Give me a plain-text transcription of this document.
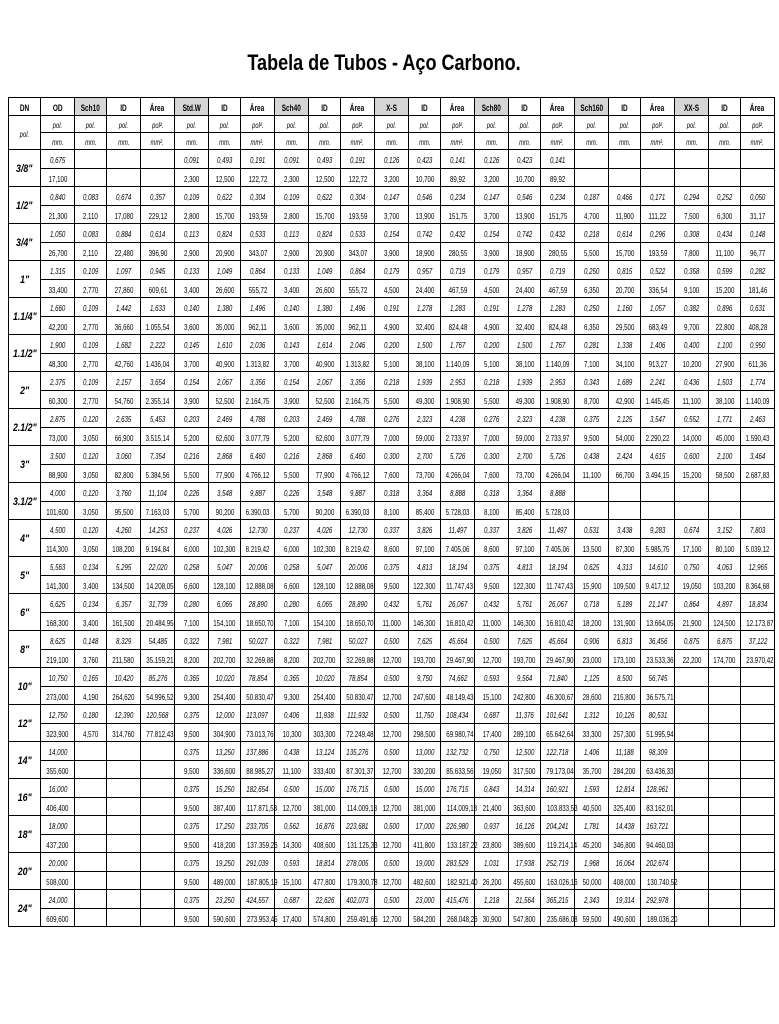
Tabela de Tubos - Aço Carbono.
DN	OD	Sch10	ID	Área	Std.W	ID	Área	Sch40	ID	Área	X-S	ID	Área	Sch80	ID	Área	Sch160	ID	Área	XX-S	ID	Área
pol.	pol.	pol.	pol.	pol².	pol.	pol.	pol².	pol.	pol.	pol².	pol.	pol.	pol².	pol.	pol.	pol².	pol.	pol.	pol².	pol.	pol.	pol².
	mm.	mm.	mm.	mm².	mm.	mm.	mm².	mm.	mm.	mm².	mm.	mm.	mm².	mm.	mm.	mm².	mm.	mm.	mm².	mm.	mm.	mm².
3/8"	0,675				0,091	0,493	0,191	0,091	0,493	0,191	0,126	0,423	0,141	0,126	0,423	0,141						
	17,100				2,300	12,500	122,72	2,300	12,500	122,72	3,200	10,700	89,92	3,200	10,700	89,92						
1/2"	0,840	0,083	0,674	0,357	0,109	0,622	0,304	0,109	0,622	0,304	0,147	0,546	0,234	0,147	0,546	0,234	0,187	0,466	0,171	0,294	0,252	0,050
	21,300	2,110	17,080	229,12	2,800	15,700	193,59	2,800	15,700	193,59	3,700	13,900	151,75	3,700	13,900	151,75	4,700	11,900	111,22	7,500	6,300	31,17
3/4"	1,050	0,083	0,884	0,614	0,113	0,824	0,533	0,113	0,824	0,533	0,154	0,742	0,432	0,154	0,742	0,432	0,218	0,614	0,296	0,308	0,434	0,148
	26,700	2,110	22,480	396,90	2,900	20,900	343,07	2,900	20,900	343,07	3,900	18,900	280,55	3,900	18,900	280,55	5,500	15,700	193,59	7,800	11,100	96,77
1"	1,315	0,109	1,097	0,945	0,133	1,049	0,864	0,133	1,049	0,864	0,179	0,957	0,719	0,179	0,957	0,719	0,250	0,815	0,522	0,358	0,599	0,282
	33,400	2,770	27,860	609,61	3,400	26,600	555,72	3,400	26,600	555,72	4,500	24,400	467,59	4,500	24,400	467,59	6,350	20,700	336,54	9,100	15,200	181,46
1.1/4"	1,660	0,109	1,442	1,633	0,140	1,380	1,496	0,140	1,380	1,496	0,191	1,278	1,283	0,191	1,278	1,283	0,250	1,160	1,057	0,382	0,896	0,631
	42,200	2,770	36,660	1.055,54	3,600	35,000	962,11	3,600	35,000	962,11	4,900	32,400	824,48	4,900	32,400	824,48	6,350	29,500	683,49	9,700	22,800	408,28
1.1/2"	1,900	0,109	1,682	2,222	0,145	1,610	2,036	0,143	1,614	2,046	0,200	1,500	1,767	0,200	1,500	1,767	0,281	1,338	1,406	0,400	1,100	0,950
	48,300	2,770	42,760	1.436,04	3,700	40,900	1.313,82	3,700	40,900	1.313,82	5,100	38,100	1.140,09	5,100	38,100	1.140,09	7,100	34,100	913,27	10,200	27,900	611,36
2"	2,375	0,109	2,157	3,654	0,154	2,067	3,356	0,154	2,067	3,356	0,218	1,939	2,953	0,218	1,939	2,953	0,343	1,689	2,241	0,436	1,503	1,774
	60,300	2,770	54,760	2.355,14	3,900	52,500	2.164,75	3,900	52,500	2.164,75	5,500	49,300	1.908,90	5,500	49,300	1.908,90	8,700	42,900	1.445,45	11,100	38,100	1.140,09
2.1/2"	2,875	0,120	2,635	5,453	0,203	2,469	4,788	0,203	2,469	4,788	0,276	2,323	4,238	0,276	2,323	4,238	0,375	2,125	3,547	0,552	1,771	2,463
	73,000	3,050	66,900	3.515,14	5,200	62,600	3.077,79	5,200	62,600	3.077,79	7,000	59,000	2.733,97	7,000	59,000	2.733,97	9,500	54,000	2.290,22	14,000	45,000	1.590,43
3"	3,500	0,120	3,060	7,354	0,216	2,868	6,460	0,216	2,868	6,460	0,300	2,700	5,726	0,300	2,700	5,726	0,438	2,424	4,615	0,600	2,100	3,464
	88,900	3,050	82,800	5.384,56	5,500	77,900	4.766,12	5,500	77,900	4.766,12	7,600	73,700	4.266,04	7,600	73,700	4.266,04	11,100	66,700	3.494,15	15,200	58,500	2.687,83
3.1/2"	4,000	0,120	3,760	11,104	0,226	3,548	9,887	0,226	3,548	9,887	0,318	3,364	8,888	0,318	3,364	8,888						
	101,600	3,050	95,500	7.163,03	5,700	90,200	6.390,03	5,700	90,200	6.390,03	8,100	85,400	5.728,03	8,100	85,400	5.728,03						
4"	4,500	0,120	4,260	14,253	0,237	4,026	12,730	0,237	4,026	12,730	0,337	3,826	11,497	0,337	3,826	11,497	0,531	3,438	9,283	0,674	3,152	7,803
	114,300	3,050	108,200	9.194,84	6,000	102,300	8.219,42	6,000	102,300	8.219,42	8,600	97,100	7.405,06	8,600	97,100	7.405,06	13,500	87,300	5.985,75	17,100	80,100	5.039,12
5"	5,563	0,134	5,295	22,020	0,258	5,047	20,006	0,258	5,047	20,006	0,375	4,813	18,194	0,375	4,813	18,194	0,625	4,313	14,610	0,750	4,063	12,965
	141,300	3,400	134,500	14.208,05	6,600	128,100	12.888,08	6,600	128,100	12.888,08	9,500	122,300	11.747,43	9,500	122,300	11.747,43	15,900	109,500	9.417,12	19,050	103,200	8.364,68
6"	6,625	0,134	6,357	31,739	0,280	6,065	28,890	0,280	6,065	28,890	0,432	5,761	26,067	0,432	5,761	26,067	0,718	5,189	21,147	0,864	4,897	18,834
	168,300	3,400	161,500	20.484,95	7,100	154,100	18.650,70	7,100	154,100	18.650,70	11,000	146,300	16.810,42	11,000	146,300	16.810,42	18,200	131,900	13.664,05	21,900	124,500	12.173,87
8"	8,625	0,148	8,329	54,485	0,322	7,981	50,027	0,322	7,981	50,027	0,500	7,625	45,664	0,500	7,625	45,664	0,906	6,813	36,456	0,875	6,875	37,122
	219,100	3,760	211,580	35.159,21	8,200	202,700	32.269,88	8,200	202,700	32.269,88	12,700	193,700	29.467,90	12,700	193,700	29.467,90	23,000	173,100	23.533,36	22,200	174,700	23.970,42
10"	10,750	0,165	10,420	85,276	0,365	10,020	78,854	0,365	10,020	78,854	0,500	9,750	74,662	0,593	9,564	71,840	1,125	8,500	56,745			
	273,000	4,190	264,620	54.996,52	9,300	254,400	50.830,47	9,300	254,400	50.830,47	12,700	247,600	48.149,43	15,100	242,800	46.300,67	28,600	215,800	36.575,71			
12"	12,750	0,180	12,390	120,568	0,375	12,000	113,097	0,406	11,938	111,932	0,500	11,750	108,434	0,687	11,376	101,641	1,312	10,126	80,531			
	323,900	4,570	314,760	77.812,43	9,500	304,900	73.013,76	10,300	303,300	72.249,48	12,700	298,500	69.980,74	17,400	289,100	65.642,64	33,300	257,300	51.995,94			
14"	14,000				0,375	13,250	137,886	0,438	13,124	135,276	0,500	13,000	132,732	0,750	12,500	122,718	1,406	11,188	98,309			
	355,600				9,500	336,600	88.985,27	11,100	333,400	87.301,37	12,700	330,200	85.633,56	19,050	317,500	79.173,04	35,700	284,200	63.436,33			
16"	16,000				0,375	15,250	182,654	0,500	15,000	176,715	0,500	15,000	176,715	0,843	14,314	160,921	1,593	12,814	128,961			
	406,400				9,500	387,400	117.871,58	12,700	381,000	114.009,18	12,700	381,000	114.009,18	21,400	363,600	103.833,53	40,500	325,400	83.162,01			
18"	18,000				0,375	17,250	233,705	0,562	16,876	223,681	0,500	17,000	226,980	0,937	16,126	204,241	1,781	14,438	163,721			
	437,200				9,500	418,200	137.359,26	14,300	408,600	131.125,33	12,700	411,800	133.187,22	23,800	389,600	119.214,14	45,200	346,800	94.460,03			
20"	20,000				0,375	19,250	291,039	0,593	18,814	278,005	0,500	19,000	283,529	1,031	17,938	252,719	1,968	16,064	202,674			
	508,000				9,500	489,000	187.805,19	15,100	477,800	179.300,78	12,700	482,600	182.921,40	26,200	455,600	163.026,16	50,000	408,000	130.740,52			
24"	24,000				0,375	23,250	424,557	0,687	22,626	402,073	0,500	23,000	415,476	1,218	21,564	365,215	2,343	19,314	292,978			
	609,600				9,500	590,600	273.953,45	17,400	574,800	259.491,66	12,700	584,200	268.048,26	30,900	547,800	235.686,08	59,500	490,600	189.036,20			
